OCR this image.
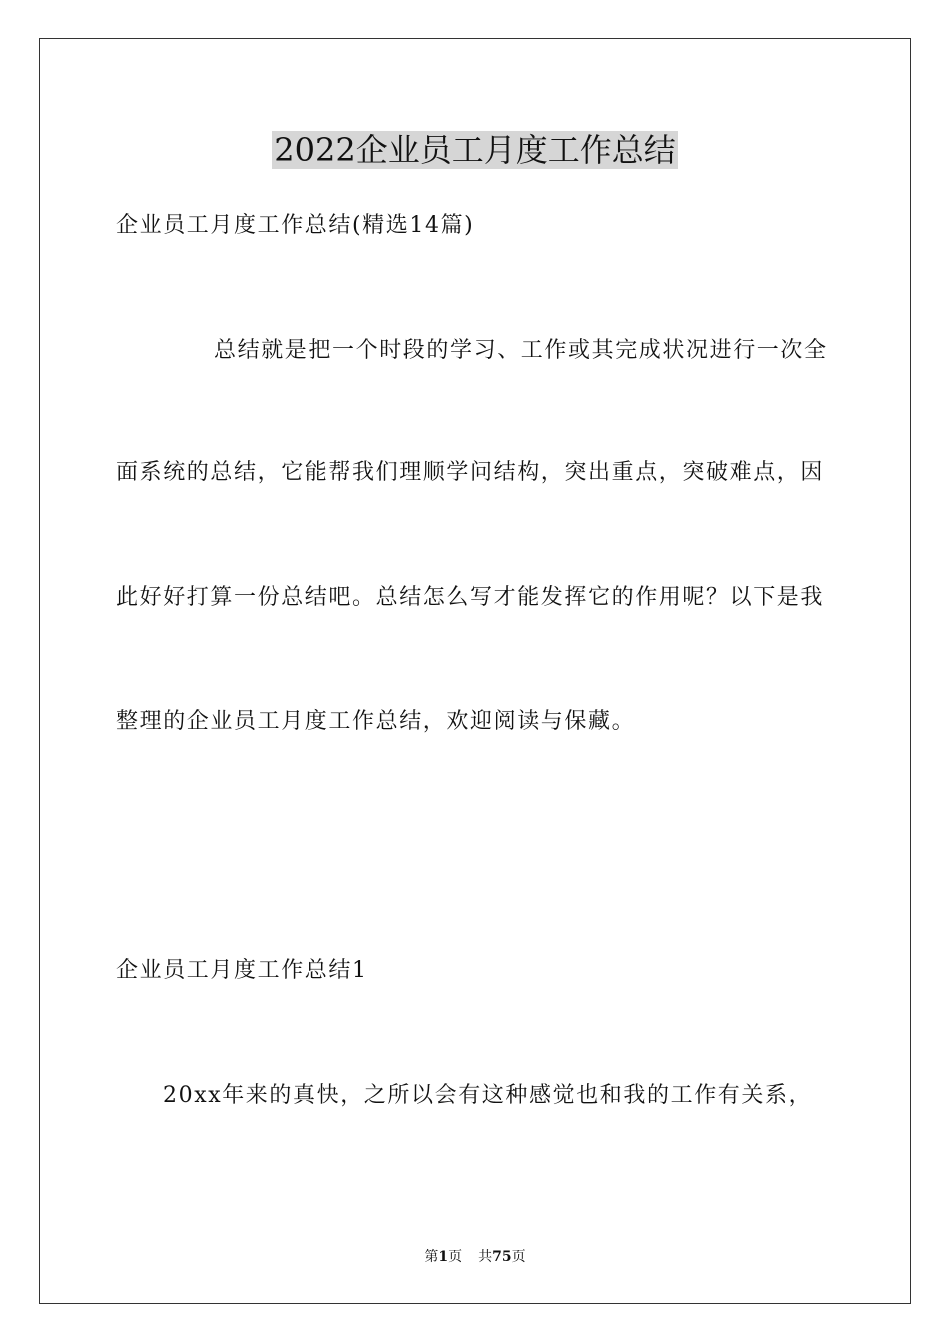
2022企业员工月度工作总结
企业员工月度工作总结(精选14篇)
总结就是把一个时段的学习、工作或其完成状况进行一次全
面系统的总结，它能帮我们理顺学问结构，突出重点，突破难点，因
此好好打算一份总结吧。总结怎么写才能发挥它的作用呢？以下是我
整理的企业员工月度工作总结，欢迎阅读与保藏。
企业员工月度工作总结1
20xx年来的真快，之所以会有这种感觉也和我的工作有关系，
第1页 共75页
